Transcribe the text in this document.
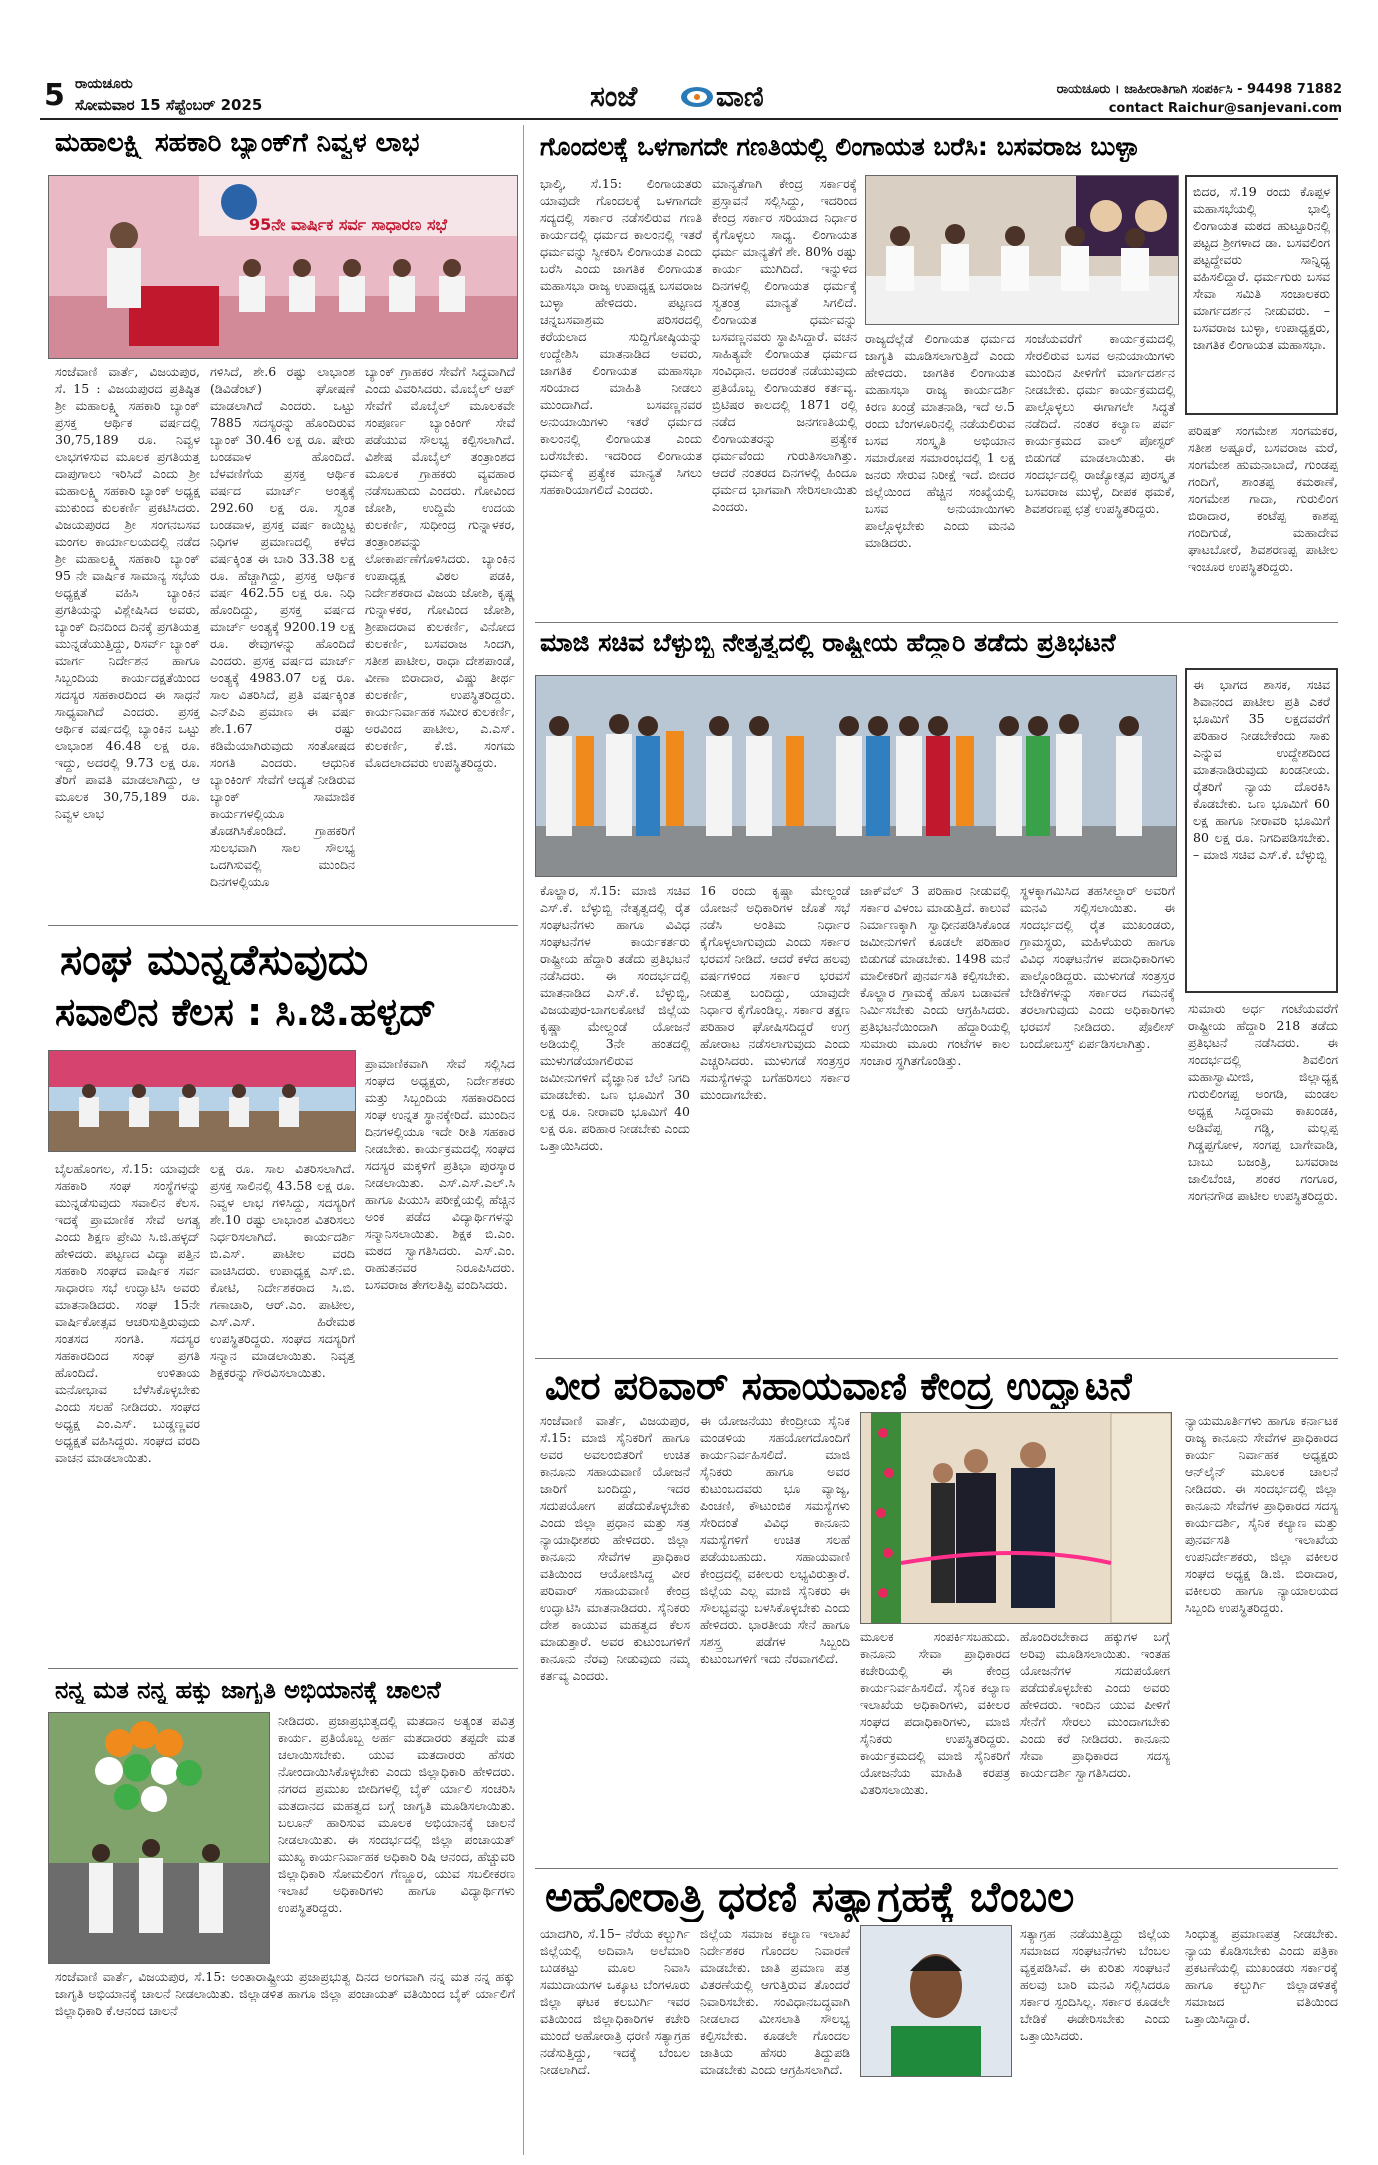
5 ರಾಯಚೂರು
ಸೋಮವಾರ 15 ಸೆಪ್ಟೆಂಬರ್ 2025	ಸಂಜೆ	ವಾಣಿ	ರಾಯಚೂರು । ಜಾಹೀರಾತಿಗಾಗಿ ಸಂಪರ್ಕಿಸಿ - 94498 71882
contact Raichur@sanjevani.com
ಮಹಾಲಕ್ಷ್ಮಿ ಸಹಕಾರಿ ಬ್ಯಾಂಕ್‌ಗೆ ನಿವ್ವಳ ಲಾಭ
95ನೇ ವಾರ್ಷಿಕ ಸರ್ವ ಸಾಧಾರಣ ಸಭೆ
ಸಂಜೆವಾಣಿ ವಾರ್ತೆ, ವಿಜಯಪುರ, ಸೆ. 15 : ವಿಜಯಪುರದ ಪ್ರತಿಷ್ಠಿತ ಶ್ರೀ ಮಹಾಲಕ್ಷ್ಮಿ ಸಹಕಾರಿ ಬ್ಯಾಂಕ್ ಪ್ರಸಕ್ತ ಆರ್ಥಿಕ ವರ್ಷದಲ್ಲಿ 30,75,189 ರೂ. ನಿವ್ವಳ ಲಾಭಗಳಿಸುವ ಮೂಲಕ ಪ್ರಗತಿಯತ್ತ ದಾಪುಗಾಲು ಇರಿಸಿದೆ ಎಂದು ಶ್ರೀ ಮಹಾಲಕ್ಷ್ಮಿ ಸಹಕಾರಿ ಬ್ಯಾಂಕ್ ಅಧ್ಯಕ್ಷ ಮುಕುಂದ ಕುಲಕರ್ಣಿ ಪ್ರಕಟಿಸಿದರು. ವಿಜಯಪುರದ ಶ್ರೀ ಸಂಗನಬಸವ ಮಂಗಲ ಕಾರ್ಯಾಲಯದಲ್ಲಿ ನಡೆದ ಶ್ರೀ ಮಹಾಲಕ್ಷ್ಮಿ ಸಹಕಾರಿ ಬ್ಯಾಂಕ್ 95 ನೇ ವಾರ್ಷಿಕ ಸಾಮಾನ್ಯ ಸಭೆಯ ಅಧ್ಯಕ್ಷತೆ ವಹಿಸಿ ಬ್ಯಾಂಕಿನ ಪ್ರಗತಿಯನ್ನು ವಿಶ್ಲೇಷಿಸಿದ ಅವರು, ಬ್ಯಾಂಕ್ ದಿನದಿಂದ ದಿನಕ್ಕೆ ಪ್ರಗತಿಯತ್ತ ಮುನ್ನಡೆಯುತ್ತಿದ್ದು, ರಿಸರ್ವ್ ಬ್ಯಾಂಕ್ ಮಾರ್ಗ ನಿರ್ದೇಶನ ಹಾಗೂ ಸಿಬ್ಬಂದಿಯ ಕಾರ್ಯದಕ್ಷತೆಯಿಂದ ಸದಸ್ಯರ ಸಹಕಾರದಿಂದ ಈ ಸಾಧನೆ ಸಾಧ್ಯವಾಗಿದೆ ಎಂದರು. ಪ್ರಸಕ್ತ ಆರ್ಥಿಕ ವರ್ಷದಲ್ಲಿ ಬ್ಯಾಂಕಿನ ಒಟ್ಟು ಲಾಭಾಂಶ 46.48 ಲಕ್ಷ ರೂ. ಇದ್ದು, ಅದರಲ್ಲಿ 9.73 ಲಕ್ಷ ರೂ. ತೆರಿಗೆ ಪಾವತಿ ಮಾಡಲಾಗಿದ್ದು, ಆ ಮೂಲಕ 30,75,189 ರೂ. ನಿವ್ವಳ ಲಾಭ
ಗಳಿಸಿದೆ, ಶೇ.6 ರಷ್ಟು ಲಾಭಾಂಶ (ಡಿವಿಡೆಂಟ್) ಘೋಷಣೆ ಮಾಡಲಾಗಿದೆ ಎಂದರು. ಒಟ್ಟು 7885 ಸದಸ್ಯರನ್ನು ಹೊಂದಿರುವ ಬ್ಯಾಂಕ್ 30.46 ಲಕ್ಷ ರೂ. ಷೇರು ಬಂಡವಾಳ ಹೊಂದಿದೆ. ಬೆಳವಣಿಗೆಯ ಪ್ರಸಕ್ತ ಆರ್ಥಿಕ ವರ್ಷದ ಮಾರ್ಚ್ ಅಂತ್ಯಕ್ಕೆ 292.60 ಲಕ್ಷ ರೂ. ಸ್ವಂತ ಬಂಡವಾಳ, ಪ್ರಸಕ್ತ ವರ್ಷ ಕಾಯ್ದಿಟ್ಟ ನಿಧಿಗಳ ಪ್ರಮಾಣದಲ್ಲಿ ಕಳೆದ ವರ್ಷಕ್ಕಿಂತ ಈ ಬಾರಿ 33.38 ಲಕ್ಷ ರೂ. ಹೆಚ್ಚಾಗಿದ್ದು, ಪ್ರಸಕ್ತ ಆರ್ಥಿಕ ವರ್ಷ 462.55 ಲಕ್ಷ ರೂ. ನಿಧಿ ಹೊಂದಿದ್ದು, ಪ್ರಸಕ್ತ ವರ್ಷದ ಮಾರ್ಚ್ ಅಂತ್ಯಕ್ಕೆ 9200.19 ಲಕ್ಷ ರೂ. ಠೇವುಗಳನ್ನು ಹೊಂದಿದೆ ಎಂದರು. ಪ್ರಸಕ್ತ ವರ್ಷದ ಮಾರ್ಚ್ ಅಂತ್ಯಕ್ಕೆ 4983.07 ಲಕ್ಷ ರೂ. ಸಾಲ ವಿತರಿಸಿದೆ, ಪ್ರತಿ ವರ್ಷಕ್ಕಿಂತ ಎನ್‌ಪಿಎ ಪ್ರಮಾಣ ಈ ವರ್ಷ ಶೇ.1.67 ರಷ್ಟು ಕಡಿಮೆಯಾಗಿರುವುದು ಸಂತೋಷದ ಸಂಗತಿ ಎಂದರು. ಆಧುನಿಕ ಬ್ಯಾಂಕಿಂಗ್ ಸೇವೆಗೆ ಆದ್ಯತೆ ನೀಡಿರುವ ಬ್ಯಾಂಕ್ ಸಾಮಾಜಿಕ ಕಾರ್ಯಗಳಲ್ಲಿಯೂ ತೊಡಗಿಸಿಕೊಂಡಿದೆ. ಗ್ರಾಹಕರಿಗೆ ಸುಲಭವಾಗಿ ಸಾಲ ಸೌಲಭ್ಯ ಒದಗಿಸುವಲ್ಲಿ ಮುಂದಿನ ದಿನಗಳಲ್ಲಿಯೂ
ಬ್ಯಾಂಕ್ ಗ್ರಾಹಕರ ಸೇವೆಗೆ ಸಿದ್ಧವಾಗಿದೆ ಎಂದು ವಿವರಿಸಿದರು. ಮೊಬೈಲ್ ಆಪ್ ಸೇವೆಗೆ ಮೊಬೈಲ್ ಮೂಲಕವೇ ಸಂಪೂರ್ಣ ಬ್ಯಾಂಕಿಂಗ್ ಸೇವೆ ಪಡೆಯುವ ಸೌಲಭ್ಯ ಕಲ್ಪಿಸಲಾಗಿದೆ. ವಿಶೇಷ ಮೊಬೈಲ್ ತಂತ್ರಾಂಶದ ಮೂಲಕ ಗ್ರಾಹಕರು ವ್ಯವಹಾರ ನಡೆಸಬಹುದು ಎಂದರು. ಗೋವಿಂದ ಜೋಶಿ, ಉದ್ದಿಮೆ ಉದಯ ಕುಲಕರ್ಣಿ, ಸುಧೀಂದ್ರ ಗುನ್ನಾಳಕರ, ತಂತ್ರಾಂಶವನ್ನು ಲೋಕಾರ್ಪಣೆಗೊಳಿಸಿದರು. ಬ್ಯಾಂಕಿನ ಉಪಾಧ್ಯಕ್ಷ ವಿಠಲ ಪಡಕಿ, ನಿರ್ದೇಶಕರಾದ ವಿಜಯ ಜೋಶಿ, ಕೃಷ್ಣ ಗುನ್ನಾಳಕರ, ಗೋವಿಂದ ಜೋಶಿ, ಶ್ರೀಪಾದರಾವ ಕುಲಕರ್ಣಿ, ವಿನೋದ ಕುಲಕರ್ಣಿ, ಬಸವರಾಜ ಸಿಂದಗಿ, ಸತೀಶ ಪಾಟೀಲ, ರಾಧಾ ದೇಶಪಾಂಡೆ, ವೀಣಾ ಬಿರಾದಾರ, ವಿಷ್ಣು ತೀರ್ಥ ಕುಲಕರ್ಣಿ, ಉಪಸ್ಥಿತರಿದ್ದರು. ಕಾರ್ಯನಿರ್ವಾಹಕ ಸಮೀರ ಕುಲಕರ್ಣಿ, ಅರವಿಂದ ಪಾಟೀಲ, ಎ.ಎಸ್. ಕುಲಕರ್ಣಿ, ಕೆ.ಜಿ. ಸಂಗಮ ಮೊದಲಾದವರು ಉಪಸ್ಥಿತರಿದ್ದರು.
ಸಂಘ ಮುನ್ನಡೆಸುವುದು
ಸವಾಲಿನ ಕೆಲಸ : ಸಿ.ಜಿ.ಹಳ್ಳದ್
ಬೈಲಹೊಂಗಲ, ಸೆ.15: ಯಾವುದೇ ಸಹಕಾರಿ ಸಂಘ ಸಂಸ್ಥೆಗಳನ್ನು ಮುನ್ನಡೆಸುವುದು ಸವಾಲಿನ ಕೆಲಸ. ಇದಕ್ಕೆ ಪ್ರಾಮಾಣಿಕ ಸೇವೆ ಅಗತ್ಯ ಎಂದು ಶಿಕ್ಷಣ ಪ್ರೇಮಿ ಸಿ.ಜಿ.ಹಳ್ಳದ್ ಹೇಳಿದರು. ಪಟ್ಟಣದ ವಿದ್ಯಾ ಪತ್ತಿನ ಸಹಕಾರಿ ಸಂಘದ ವಾರ್ಷಿಕ ಸರ್ವ ಸಾಧಾರಣ ಸಭೆ ಉದ್ಘಾಟಿಸಿ ಅವರು ಮಾತನಾಡಿದರು. ಸಂಘ 15ನೇ ವಾರ್ಷಿಕೋತ್ಸವ ಆಚರಿಸುತ್ತಿರುವುದು ಸಂತಸದ ಸಂಗತಿ. ಸದಸ್ಯರ ಸಹಕಾರದಿಂದ ಸಂಘ ಪ್ರಗತಿ ಹೊಂದಿದೆ. ಉಳಿತಾಯ ಮನೋಭಾವ ಬೆಳೆಸಿಕೊಳ್ಳಬೇಕು ಎಂದು ಸಲಹೆ ನೀಡಿದರು. ಸಂಘದ ಅಧ್ಯಕ್ಷ ಎಂ.ಎಸ್. ಬುಡ್ಡಣ್ಣವರ ಅಧ್ಯಕ್ಷತೆ ವಹಿಸಿದ್ದರು. ಸಂಘದ ವರದಿ ವಾಚನ ಮಾಡಲಾಯಿತು.
ಲಕ್ಷ ರೂ. ಸಾಲ ವಿತರಿಸಲಾಗಿದೆ. ಪ್ರಸಕ್ತ ಸಾಲಿನಲ್ಲಿ 43.58 ಲಕ್ಷ ರೂ. ನಿವ್ವಳ ಲಾಭ ಗಳಿಸಿದ್ದು, ಸದಸ್ಯರಿಗೆ ಶೇ.10 ರಷ್ಟು ಲಾಭಾಂಶ ವಿತರಿಸಲು ನಿರ್ಧರಿಸಲಾಗಿದೆ. ಕಾರ್ಯದರ್ಶಿ ಬಿ.ಎಸ್. ಪಾಟೀಲ ವರದಿ ವಾಚಿಸಿದರು. ಉಪಾಧ್ಯಕ್ಷ ಎಸ್.ಬಿ. ಕೋಟಿ, ನಿರ್ದೇಶಕರಾದ ಸಿ.ಬಿ. ಗಣಾಚಾರಿ, ಆರ್.ಎಂ. ಪಾಟೀಲ, ಎಸ್.ಎಸ್. ಹಿರೇಮಠ ಉಪಸ್ಥಿತರಿದ್ದರು. ಸಂಘದ ಸದಸ್ಯರಿಗೆ ಸನ್ಮಾನ ಮಾಡಲಾಯಿತು. ನಿವೃತ್ತ ಶಿಕ್ಷಕರನ್ನು ಗೌರವಿಸಲಾಯಿತು.
ಪ್ರಾಮಾಣಿಕವಾಗಿ ಸೇವೆ ಸಲ್ಲಿಸಿದ ಸಂಘದ ಅಧ್ಯಕ್ಷರು, ನಿರ್ದೇಶಕರು ಮತ್ತು ಸಿಬ್ಬಂದಿಯ ಸಹಕಾರದಿಂದ ಸಂಘ ಉನ್ನತ ಸ್ಥಾನಕ್ಕೇರಿದೆ. ಮುಂದಿನ ದಿನಗಳಲ್ಲಿಯೂ ಇದೇ ರೀತಿ ಸಹಕಾರ ನೀಡಬೇಕು. ಕಾರ್ಯಕ್ರಮದಲ್ಲಿ ಸಂಘದ ಸದಸ್ಯರ ಮಕ್ಕಳಿಗೆ ಪ್ರತಿಭಾ ಪುರಸ್ಕಾರ ನೀಡಲಾಯಿತು. ಎಸ್.ಎಸ್.ಎಲ್.ಸಿ ಹಾಗೂ ಪಿಯುಸಿ ಪರೀಕ್ಷೆಯಲ್ಲಿ ಹೆಚ್ಚಿನ ಅಂಕ ಪಡೆದ ವಿದ್ಯಾರ್ಥಿಗಳನ್ನು ಸನ್ಮಾನಿಸಲಾಯಿತು. ಶಿಕ್ಷಕ ಬಿ.ಎಂ. ಮಠದ ಸ್ವಾಗತಿಸಿದರು. ಎಸ್.ಎಂ. ರಾಹುತನವರ ನಿರೂಪಿಸಿದರು. ಬಸವರಾಜ ತೇಗಲತಿಪ್ಪಿ ವಂದಿಸಿದರು.
ನನ್ನ ಮತ ನನ್ನ ಹಕ್ಕು ಜಾಗೃತಿ ಅಭಿಯಾನಕ್ಕೆ ಚಾಲನೆ
ಸಂಜೆವಾಣಿ ವಾರ್ತೆ, ವಿಜಯಪುರ, ಸೆ.15: ಅಂತಾರಾಷ್ಟ್ರೀಯ ಪ್ರಜಾಪ್ರಭುತ್ವ ದಿನದ ಅಂಗವಾಗಿ ನನ್ನ ಮತ ನನ್ನ ಹಕ್ಕು ಜಾಗೃತಿ ಅಭಿಯಾನಕ್ಕೆ ಚಾಲನೆ ನೀಡಲಾಯಿತು. ಜಿಲ್ಲಾಡಳಿತ ಹಾಗೂ ಜಿಲ್ಲಾ ಪಂಚಾಯತ್ ವತಿಯಿಂದ ಬೈಕ್ ರ್ಯಾಲಿಗೆ ಜಿಲ್ಲಾಧಿಕಾರಿ ಕೆ.ಆನಂದ ಚಾಲನೆ
ನೀಡಿದರು. ಪ್ರಜಾಪ್ರಭುತ್ವದಲ್ಲಿ ಮತದಾನ ಅತ್ಯಂತ ಪವಿತ್ರ ಕಾರ್ಯ. ಪ್ರತಿಯೊಬ್ಬ ಅರ್ಹ ಮತದಾರರು ತಪ್ಪದೇ ಮತ ಚಲಾಯಿಸಬೇಕು. ಯುವ ಮತದಾರರು ಹೆಸರು ನೋಂದಾಯಿಸಿಕೊಳ್ಳಬೇಕು ಎಂದು ಜಿಲ್ಲಾಧಿಕಾರಿ ಹೇಳಿದರು. ನಗರದ ಪ್ರಮುಖ ಬೀದಿಗಳಲ್ಲಿ ಬೈಕ್ ರ್ಯಾಲಿ ಸಂಚರಿಸಿ ಮತದಾನದ ಮಹತ್ವದ ಬಗ್ಗೆ ಜಾಗೃತಿ ಮೂಡಿಸಲಾಯಿತು. ಬಲೂನ್ ಹಾರಿಸುವ ಮೂಲಕ ಅಭಿಯಾನಕ್ಕೆ ಚಾಲನೆ ನೀಡಲಾಯಿತು. ಈ ಸಂದರ್ಭದಲ್ಲಿ ಜಿಲ್ಲಾ ಪಂಚಾಯತ್ ಮುಖ್ಯ ಕಾರ್ಯನಿರ್ವಾಹಕ ಅಧಿಕಾರಿ ರಿಷಿ ಆನಂದ, ಹೆಚ್ಚುವರಿ ಜಿಲ್ಲಾಧಿಕಾರಿ ಸೋಮಲಿಂಗ ಗೆಣ್ಣೂರ, ಯುವ ಸಬಲೀಕರಣ ಇಲಾಖೆ ಅಧಿಕಾರಿಗಳು ಹಾಗೂ ವಿದ್ಯಾರ್ಥಿಗಳು ಉಪಸ್ಥಿತರಿದ್ದರು.
ಗೊಂದಲಕ್ಕೆ ಒಳಗಾಗದೇ ಗಣತಿಯಲ್ಲಿ ಲಿಂಗಾಯತ ಬರೆಸಿ: ಬಸವರಾಜ ಬುಳ್ಳಾ
ಭಾಲ್ಕಿ, ಸೆ.15: ಲಿಂಗಾಯತರು ಯಾವುದೇ ಗೊಂದಲಕ್ಕೆ ಒಳಗಾಗದೇ ಸದ್ಯದಲ್ಲಿ ಸರ್ಕಾರ ನಡೆಸಲಿರುವ ಗಣತಿ ಕಾರ್ಯದಲ್ಲಿ ಧರ್ಮದ ಕಾಲಂನಲ್ಲಿ ಇತರೆ ಧರ್ಮವನ್ನು ಸ್ವೀಕರಿಸಿ ಲಿಂಗಾಯತ ಎಂದು ಬರೆಸಿ ಎಂದು ಜಾಗತಿಕ ಲಿಂಗಾಯತ ಮಹಾಸಭಾ ರಾಜ್ಯ ಉಪಾಧ್ಯಕ್ಷ ಬಸವರಾಜ ಬುಳ್ಳಾ ಹೇಳಿದರು. ಪಟ್ಟಣದ ಚನ್ನಬಸವಾಶ್ರಮ ಪರಿಸರದಲ್ಲಿ ಕರೆಯಲಾದ ಸುದ್ದಿಗೋಷ್ಠಿಯನ್ನು ಉದ್ದೇಶಿಸಿ ಮಾತನಾಡಿದ ಅವರು, ಜಾಗತಿಕ ಲಿಂಗಾಯತ ಮಹಾಸಭಾ ಸರಿಯಾದ ಮಾಹಿತಿ ನೀಡಲು ಮುಂದಾಗಿದೆ. ಬಸವಣ್ಣನವರ ಅನುಯಾಯಿಗಳು ಇತರೆ ಧರ್ಮದ ಕಾಲಂನಲ್ಲಿ ಲಿಂಗಾಯತ ಎಂದು ಬರೆಸಬೇಕು. ಇದರಿಂದ ಲಿಂಗಾಯತ ಧರ್ಮಕ್ಕೆ ಪ್ರತ್ಯೇಕ ಮಾನ್ಯತೆ ಸಿಗಲು ಸಹಕಾರಿಯಾಗಲಿದೆ ಎಂದರು.
ಮಾನ್ಯತೆಗಾಗಿ ಕೇಂದ್ರ ಸರ್ಕಾರಕ್ಕೆ ಪ್ರಸ್ತಾವನೆ ಸಲ್ಲಿಸಿದ್ದು, ಇದರಿಂದ ಕೇಂದ್ರ ಸರ್ಕಾರ ಸರಿಯಾದ ನಿರ್ಧಾರ ಕೈಗೊಳ್ಳಲು ಸಾಧ್ಯ. ಲಿಂಗಾಯತ ಧರ್ಮ ಮಾನ್ಯತೆಗೆ ಶೇ. 80% ರಷ್ಟು ಕಾರ್ಯ ಮುಗಿದಿದೆ. ಇನ್ನುಳಿದ ದಿನಗಳಲ್ಲಿ ಲಿಂಗಾಯತ ಧರ್ಮಕ್ಕೆ ಸ್ವತಂತ್ರ ಮಾನ್ಯತೆ ಸಿಗಲಿದೆ. ಲಿಂಗಾಯತ ಧರ್ಮವನ್ನು ಬಸವಣ್ಣನವರು ಸ್ಥಾಪಿಸಿದ್ದಾರೆ. ವಚನ ಸಾಹಿತ್ಯವೇ ಲಿಂಗಾಯತ ಧರ್ಮದ ಸಂವಿಧಾನ. ಅದರಂತೆ ನಡೆಯುವುದು ಪ್ರತಿಯೊಬ್ಬ ಲಿಂಗಾಯತರ ಕರ್ತವ್ಯ. ಬ್ರಿಟಿಷರ ಕಾಲದಲ್ಲಿ 1871 ರಲ್ಲಿ ನಡೆದ ಜನಗಣತಿಯಲ್ಲಿ ಲಿಂಗಾಯತರನ್ನು ಪ್ರತ್ಯೇಕ ಧರ್ಮವೆಂದು ಗುರುತಿಸಲಾಗಿತ್ತು. ಆದರೆ ನಂತರದ ದಿನಗಳಲ್ಲಿ ಹಿಂದೂ ಧರ್ಮದ ಭಾಗವಾಗಿ ಸೇರಿಸಲಾಯಿತು ಎಂದರು.
ರಾಜ್ಯದೆಲ್ಲೆಡೆ ಲಿಂಗಾಯತ ಧರ್ಮದ ಜಾಗೃತಿ ಮೂಡಿಸಲಾಗುತ್ತಿದೆ ಎಂದು ಹೇಳಿದರು. ಜಾಗತಿಕ ಲಿಂಗಾಯತ ಮಹಾಸಭಾ ರಾಜ್ಯ ಕಾರ್ಯದರ್ಶಿ ಕಿರಣ ಖಂಡ್ರೆ ಮಾತನಾಡಿ, ಇದೆ ಅ.5 ರಂದು ಬೆಂಗಳೂರಿನಲ್ಲಿ ನಡೆಯಲಿರುವ ಬಸವ ಸಂಸ್ಕೃತಿ ಅಭಿಯಾನ ಸಮಾರೋಪ ಸಮಾರಂಭದಲ್ಲಿ 1 ಲಕ್ಷ ಜನರು ಸೇರುವ ನಿರೀಕ್ಷೆ ಇದೆ. ಬೀದರ ಜಿಲ್ಲೆಯಿಂದ ಹೆಚ್ಚಿನ ಸಂಖ್ಯೆಯಲ್ಲಿ ಬಸವ ಅನುಯಾಯಿಗಳು ಪಾಲ್ಗೊಳ್ಳಬೇಕು ಎಂದು ಮನವಿ ಮಾಡಿದರು.
ಸಂಜೆಯವರೆಗೆ ಕಾರ್ಯಕ್ರಮದಲ್ಲಿ ಸೇರಲಿರುವ ಬಸವ ಅನುಯಾಯಿಗಳು ಮುಂದಿನ ಪೀಳಿಗೆಗೆ ಮಾರ್ಗದರ್ಶನ ನೀಡಬೇಕು. ಧರ್ಮ ಕಾರ್ಯಕ್ರಮದಲ್ಲಿ ಪಾಲ್ಗೊಳ್ಳಲು ಈಗಾಗಲೇ ಸಿದ್ಧತೆ ನಡೆದಿದೆ. ನಂತರ ಕಲ್ಯಾಣ ಪರ್ವ ಕಾರ್ಯಕ್ರಮದ ವಾಲ್ ಪೋಸ್ಟರ್ ಬಿಡುಗಡೆ ಮಾಡಲಾಯಿತು. ಈ ಸಂದರ್ಭದಲ್ಲಿ ರಾಜ್ಯೋತ್ಸವ ಪುರಸ್ಕೃತ ಬಸವರಾಜ ಮುಳ್ಳೆ, ದೀಪಕ ಥಮಕೆ, ಶಿವಶರಣಪ್ಪ ಛತ್ರೆ ಉಪಸ್ಥಿತರಿದ್ದರು.
ಬಿದರ, ಸೆ.19 ರಂದು ಕೊಪ್ಪಳ ಮಹಾಸಭೆಯಲ್ಲಿ ಭಾಲ್ಕಿ ಲಿಂಗಾಯತ ಮಠದ ಹುಟ್ಟೂರಿನಲ್ಲಿ ಪಟ್ಟದ ಶ್ರೀಗಳಾದ ಡಾ. ಬಸವಲಿಂಗ ಪಟ್ಟದ್ದೇವರು ಸಾನ್ನಿಧ್ಯ ವಹಿಸಲಿದ್ದಾರೆ. ಧರ್ಮಗುರು ಬಸವ ಸೇವಾ ಸಮಿತಿ ಸಂಚಾಲಕರು ಮಾರ್ಗದರ್ಶನ ನೀಡುವರು. – ಬಸವರಾಜ ಬುಳ್ಳಾ, ಉಪಾಧ್ಯಕ್ಷರು, ಜಾಗತಿಕ ಲಿಂಗಾಯತ ಮಹಾಸಭಾ.
ಪರಿಷತ್ ಸಂಗಮೇಶ ಸಂಗಮಕರ, ಸತೀಶ ಅಷ್ಟೂರೆ, ಬಸವರಾಜ ಮರೆ, ಸಂಗಮೇಶ ಹುಮನಾಬಾದೆ, ಗುಂಡಪ್ಪ ಗಂದಿಗೆ, ಶಾಂತಪ್ಪ ಕಮಠಾಣೆ, ಸಂಗಮೇಶ ಗಾದಾ, ಗುರುಲಿಂಗ ಬಿರಾದಾರ, ಕಂಟೆಪ್ಪ ಕಾಶಪ್ಪ ಗಂದಿಗುಡೆ, ಮಹಾದೇವ ಘಾಟಬೋರೆ, ಶಿವಶರಣಪ್ಪ ಪಾಟೀಲ ಇಂಚೂರ ಉಪಸ್ಥಿತರಿದ್ದರು.
ಮಾಜಿ ಸಚಿವ ಬೆಳ್ಳುಬ್ಬಿ ನೇತೃತ್ವದಲ್ಲಿ ರಾಷ್ಟ್ರೀಯ ಹೆದ್ದಾರಿ ತಡೆದು ಪ್ರತಿಭಟನೆ
ಕೊಲ್ಹಾರ, ಸೆ.15: ಮಾಜಿ ಸಚಿವ ಎಸ್.ಕೆ. ಬೆಳ್ಳುಬ್ಬಿ ನೇತೃತ್ವದಲ್ಲಿ ರೈತ ಸಂಘಟನೆಗಳು ಹಾಗೂ ವಿವಿಧ ಸಂಘಟನೆಗಳ ಕಾರ್ಯಕರ್ತರು ರಾಷ್ಟ್ರೀಯ ಹೆದ್ದಾರಿ ತಡೆದು ಪ್ರತಿಭಟನೆ ನಡೆಸಿದರು. ಈ ಸಂದರ್ಭದಲ್ಲಿ ಮಾತನಾಡಿದ ಎಸ್.ಕೆ. ಬೆಳ್ಳುಬ್ಬಿ, ವಿಜಯಪುರ-ಬಾಗಲಕೋಟೆ ಜಿಲ್ಲೆಯ ಕೃಷ್ಣಾ ಮೇಲ್ದಂಡೆ ಯೋಜನೆ ಅಡಿಯಲ್ಲಿ 3ನೇ ಹಂತದಲ್ಲಿ ಮುಳುಗಡೆಯಾಗಲಿರುವ ಜಮೀನುಗಳಿಗೆ ವೈಜ್ಞಾನಿಕ ಬೆಲೆ ನಿಗದಿ ಮಾಡಬೇಕು. ಒಣ ಭೂಮಿಗೆ 30 ಲಕ್ಷ ರೂ. ನೀರಾವರಿ ಭೂಮಿಗೆ 40 ಲಕ್ಷ ರೂ. ಪರಿಹಾರ ನೀಡಬೇಕು ಎಂದು ಒತ್ತಾಯಿಸಿದರು.
16 ರಂದು ಕೃಷ್ಣಾ ಮೇಲ್ದಂಡೆ ಯೋಜನೆ ಅಧಿಕಾರಿಗಳ ಜೊತೆ ಸಭೆ ನಡೆಸಿ ಅಂತಿಮ ನಿರ್ಧಾರ ಕೈಗೊಳ್ಳಲಾಗುವುದು ಎಂದು ಸರ್ಕಾರ ಭರವಸೆ ನೀಡಿದೆ. ಆದರೆ ಕಳೆದ ಹಲವು ವರ್ಷಗಳಿಂದ ಸರ್ಕಾರ ಭರವಸೆ ನೀಡುತ್ತ ಬಂದಿದ್ದು, ಯಾವುದೇ ನಿರ್ಧಾರ ಕೈಗೊಂಡಿಲ್ಲ. ಸರ್ಕಾರ ತಕ್ಷಣ ಪರಿಹಾರ ಘೋಷಿಸದಿದ್ದರೆ ಉಗ್ರ ಹೋರಾಟ ನಡೆಸಲಾಗುವುದು ಎಂದು ಎಚ್ಚರಿಸಿದರು. ಮುಳುಗಡೆ ಸಂತ್ರಸ್ತರ ಸಮಸ್ಯೆಗಳನ್ನು ಬಗೆಹರಿಸಲು ಸರ್ಕಾರ ಮುಂದಾಗಬೇಕು.
ಜಾಕ್‌ವೆಲ್ 3 ಪರಿಹಾರ ನೀಡುವಲ್ಲಿ ಸರ್ಕಾರ ವಿಳಂಬ ಮಾಡುತ್ತಿದೆ. ಕಾಲುವೆ ನಿರ್ಮಾಣಕ್ಕಾಗಿ ಸ್ವಾಧೀನಪಡಿಸಿಕೊಂಡ ಜಮೀನುಗಳಿಗೆ ಕೂಡಲೇ ಪರಿಹಾರ ಬಿಡುಗಡೆ ಮಾಡಬೇಕು. 1498 ಮನೆ ಮಾಲೀಕರಿಗೆ ಪುನರ್ವಸತಿ ಕಲ್ಪಿಸಬೇಕು. ಕೊಲ್ಹಾರ ಗ್ರಾಮಕ್ಕೆ ಹೊಸ ಬಡಾವಣೆ ನಿರ್ಮಿಸಬೇಕು ಎಂದು ಆಗ್ರಹಿಸಿದರು. ಪ್ರತಿಭಟನೆಯಿಂದಾಗಿ ಹೆದ್ದಾರಿಯಲ್ಲಿ ಸುಮಾರು ಮೂರು ಗಂಟೆಗಳ ಕಾಲ ಸಂಚಾರ ಸ್ಥಗಿತಗೊಂಡಿತ್ತು.
ಸ್ಥಳಕ್ಕಾಗಮಿಸಿದ ತಹಸೀಲ್ದಾರ್ ಅವರಿಗೆ ಮನವಿ ಸಲ್ಲಿಸಲಾಯಿತು. ಈ ಸಂದರ್ಭದಲ್ಲಿ ರೈತ ಮುಖಂಡರು, ಗ್ರಾಮಸ್ಥರು, ಮಹಿಳೆಯರು ಹಾಗೂ ವಿವಿಧ ಸಂಘಟನೆಗಳ ಪದಾಧಿಕಾರಿಗಳು ಪಾಲ್ಗೊಂಡಿದ್ದರು. ಮುಳುಗಡೆ ಸಂತ್ರಸ್ತರ ಬೇಡಿಕೆಗಳನ್ನು ಸರ್ಕಾರದ ಗಮನಕ್ಕೆ ತರಲಾಗುವುದು ಎಂದು ಅಧಿಕಾರಿಗಳು ಭರವಸೆ ನೀಡಿದರು. ಪೊಲೀಸ್ ಬಂದೋಬಸ್ತ್ ಏರ್ಪಡಿಸಲಾಗಿತ್ತು.
ಈ ಭಾಗದ ಶಾಸಕ, ಸಚಿವ ಶಿವಾನಂದ ಪಾಟೀಲ ಪ್ರತಿ ಎಕರೆ ಭೂಮಿಗೆ 35 ಲಕ್ಷದವರೆಗೆ ಪರಿಹಾರ ನೀಡಬೇಕೆಂದು ಸಾಕು ಎನ್ನುವ ಉದ್ದೇಶದಿಂದ ಮಾತನಾಡಿರುವುದು ಖಂಡನೀಯ. ರೈತರಿಗೆ ನ್ಯಾಯ ದೊರಕಿಸಿ ಕೊಡಬೇಕು. ಒಣ ಭೂಮಿಗೆ 60 ಲಕ್ಷ ಹಾಗೂ ನೀರಾವರಿ ಭೂಮಿಗೆ 80 ಲಕ್ಷ ರೂ. ನಿಗದಿಪಡಿಸಬೇಕು. – ಮಾಜಿ ಸಚಿವ ಎಸ್.ಕೆ. ಬೆಳ್ಳುಬ್ಬಿ
ಸುಮಾರು ಅರ್ಧ ಗಂಟೆಯವರೆಗೆ ರಾಷ್ಟ್ರೀಯ ಹೆದ್ದಾರಿ 218 ತಡೆದು ಪ್ರತಿಭಟನೆ ನಡೆಸಿದರು. ಈ ಸಂದರ್ಭದಲ್ಲಿ ಶಿವಲಿಂಗ ಮಹಾಸ್ವಾಮೀಜಿ, ಜಿಲ್ಲಾಧ್ಯಕ್ಷ ಗುರುಲಿಂಗಪ್ಪ ಅಂಗಡಿ, ಮಂಡಲ ಅಧ್ಯಕ್ಷ ಸಿದ್ದರಾಮ ಕಾಖಂಡಕಿ, ಅಡಿವೆಪ್ಪ ಗಡ್ಡಿ, ಮಲ್ಲಪ್ಪ ಗಿಡ್ಡಪ್ಪಗೋಳ, ಸಂಗಪ್ಪ ಬಾಗೇವಾಡಿ, ಬಾಬು ಬಜಂತ್ರಿ, ಬಸವರಾಜ ಜಾಲಿಬೆಂಚಿ, ಶಂಕರ ಗಂಗೂರ, ಸಂಗನಗೌಡ ಪಾಟೀಲ ಉಪಸ್ಥಿತರಿದ್ದರು.
ವೀರ ಪರಿವಾರ್ ಸಹಾಯವಾಣಿ ಕೇಂದ್ರ ಉದ್ಘಾಟನೆ
ಸಂಜೆವಾಣಿ ವಾರ್ತೆ, ವಿಜಯಪುರ, ಸೆ.15: ಮಾಜಿ ಸೈನಿಕರಿಗೆ ಹಾಗೂ ಅವರ ಅವಲಂಬಿತರಿಗೆ ಉಚಿತ ಕಾನೂನು ಸಹಾಯವಾಣಿ ಯೋಜನೆ ಜಾರಿಗೆ ಬಂದಿದ್ದು, ಇದರ ಸದುಪಯೋಗ ಪಡೆದುಕೊಳ್ಳಬೇಕು ಎಂದು ಜಿಲ್ಲಾ ಪ್ರಧಾನ ಮತ್ತು ಸತ್ರ ನ್ಯಾಯಾಧೀಶರು ಹೇಳಿದರು. ಜಿಲ್ಲಾ ಕಾನೂನು ಸೇವೆಗಳ ಪ್ರಾಧಿಕಾರ ವತಿಯಿಂದ ಆಯೋಜಿಸಿದ್ದ ವೀರ ಪರಿವಾರ್ ಸಹಾಯವಾಣಿ ಕೇಂದ್ರ ಉದ್ಘಾಟಿಸಿ ಮಾತನಾಡಿದರು. ಸೈನಿಕರು ದೇಶ ಕಾಯುವ ಮಹತ್ವದ ಕೆಲಸ ಮಾಡುತ್ತಾರೆ. ಅವರ ಕುಟುಂಬಗಳಿಗೆ ಕಾನೂನು ನೆರವು ನೀಡುವುದು ನಮ್ಮ ಕರ್ತವ್ಯ ಎಂದರು.
ಈ ಯೋಜನೆಯು ಕೇಂದ್ರೀಯ ಸೈನಿಕ ಮಂಡಳಿಯ ಸಹಯೋಗದೊಂದಿಗೆ ಕಾರ್ಯನಿರ್ವಹಿಸಲಿದೆ. ಮಾಜಿ ಸೈನಿಕರು ಹಾಗೂ ಅವರ ಕುಟುಂಬದವರು ಭೂ ವ್ಯಾಜ್ಯ, ಪಿಂಚಣಿ, ಕೌಟುಂಬಿಕ ಸಮಸ್ಯೆಗಳು ಸೇರಿದಂತೆ ವಿವಿಧ ಕಾನೂನು ಸಮಸ್ಯೆಗಳಿಗೆ ಉಚಿತ ಸಲಹೆ ಪಡೆಯಬಹುದು. ಸಹಾಯವಾಣಿ ಕೇಂದ್ರದಲ್ಲಿ ವಕೀಲರು ಲಭ್ಯವಿರುತ್ತಾರೆ. ಜಿಲ್ಲೆಯ ಎಲ್ಲ ಮಾಜಿ ಸೈನಿಕರು ಈ ಸೌಲಭ್ಯವನ್ನು ಬಳಸಿಕೊಳ್ಳಬೇಕು ಎಂದು ಹೇಳಿದರು. ಭಾರತೀಯ ಸೇನೆ ಹಾಗೂ ಸಶಸ್ತ್ರ ಪಡೆಗಳ ಸಿಬ್ಬಂದಿ ಕುಟುಂಬಗಳಿಗೆ ಇದು ನೆರವಾಗಲಿದೆ.
ಮೂಲಕ ಸಂಪರ್ಕಿಸಬಹುದು. ಕಾನೂನು ಸೇವಾ ಪ್ರಾಧಿಕಾರದ ಕಚೇರಿಯಲ್ಲಿ ಈ ಕೇಂದ್ರ ಕಾರ್ಯನಿರ್ವಹಿಸಲಿದೆ. ಸೈನಿಕ ಕಲ್ಯಾಣ ಇಲಾಖೆಯ ಅಧಿಕಾರಿಗಳು, ವಕೀಲರ ಸಂಘದ ಪದಾಧಿಕಾರಿಗಳು, ಮಾಜಿ ಸೈನಿಕರು ಉಪಸ್ಥಿತರಿದ್ದರು. ಕಾರ್ಯಕ್ರಮದಲ್ಲಿ ಮಾಜಿ ಸೈನಿಕರಿಗೆ ಯೋಜನೆಯ ಮಾಹಿತಿ ಕರಪತ್ರ ವಿತರಿಸಲಾಯಿತು.
ಹೊಂದಿರಬೇಕಾದ ಹಕ್ಕುಗಳ ಬಗ್ಗೆ ಅರಿವು ಮೂಡಿಸಲಾಯಿತು. ಇಂತಹ ಯೋಜನೆಗಳ ಸದುಪಯೋಗ ಪಡೆದುಕೊಳ್ಳಬೇಕು ಎಂದು ಅವರು ಹೇಳಿದರು. ಇಂದಿನ ಯುವ ಪೀಳಿಗೆ ಸೇನೆಗೆ ಸೇರಲು ಮುಂದಾಗಬೇಕು ಎಂದು ಕರೆ ನೀಡಿದರು. ಕಾನೂನು ಸೇವಾ ಪ್ರಾಧಿಕಾರದ ಸದಸ್ಯ ಕಾರ್ಯದರ್ಶಿ ಸ್ವಾಗತಿಸಿದರು.
ನ್ಯಾಯಮೂರ್ತಿಗಳು ಹಾಗೂ ಕರ್ನಾಟಕ ರಾಜ್ಯ ಕಾನೂನು ಸೇವೆಗಳ ಪ್ರಾಧಿಕಾರದ ಕಾರ್ಯ ನಿರ್ವಾಹಕ ಅಧ್ಯಕ್ಷರು ಆನ್‌ಲೈನ್ ಮೂಲಕ ಚಾಲನೆ ನೀಡಿದರು. ಈ ಸಂದರ್ಭದಲ್ಲಿ ಜಿಲ್ಲಾ ಕಾನೂನು ಸೇವೆಗಳ ಪ್ರಾಧಿಕಾರದ ಸದಸ್ಯ ಕಾರ್ಯದರ್ಶಿ, ಸೈನಿಕ ಕಲ್ಯಾಣ ಮತ್ತು ಪುನರ್ವಸತಿ ಇಲಾಖೆಯ ಉಪನಿರ್ದೇಶಕರು, ಜಿಲ್ಲಾ ವಕೀಲರ ಸಂಘದ ಅಧ್ಯಕ್ಷ ಡಿ.ಜಿ. ಬಿರಾದಾರ, ವಕೀಲರು ಹಾಗೂ ನ್ಯಾಯಾಲಯದ ಸಿಬ್ಬಂದಿ ಉಪಸ್ಥಿತರಿದ್ದರು.
ಅಹೋರಾತ್ರಿ ಧರಣಿ ಸತ್ಯಾಗ್ರಹಕ್ಕೆ ಬೆಂಬಲ
ಯಾದಗಿರಿ, ಸೆ.15– ನೆರೆಯ ಕಲ್ಬುರ್ಗಿ ಜಿಲ್ಲೆಯಲ್ಲಿ ಅದಿವಾಸಿ ಅಲೆಮಾರಿ ಬುಡಕಟ್ಟು ಮೂಲ ನಿವಾಸಿ ಸಮುದಾಯಗಳ ಒಕ್ಕೂಟ ಬೆಂಗಳೂರು ಜಿಲ್ಲಾ ಘಟಕ ಕಲಬುರ್ಗಿ ಇವರ ವತಿಯಿಂದ ಜಿಲ್ಲಾಧಿಕಾರಿಗಳ ಕಚೇರಿ ಮುಂದೆ ಅಹೋರಾತ್ರಿ ಧರಣಿ ಸತ್ಯಾಗ್ರಹ ನಡೆಸುತ್ತಿದ್ದು, ಇದಕ್ಕೆ ಬೆಂಬಲ ನೀಡಲಾಗಿದೆ.
ಜಿಲ್ಲೆಯ ಸಮಾಜ ಕಲ್ಯಾಣ ಇಲಾಖೆ ನಿರ್ದೇಶಕರ ಗೊಂದಲ ನಿವಾರಣೆ ಮಾಡಬೇಕು. ಜಾತಿ ಪ್ರಮಾಣ ಪತ್ರ ವಿತರಣೆಯಲ್ಲಿ ಆಗುತ್ತಿರುವ ತೊಂದರೆ ನಿವಾರಿಸಬೇಕು. ಸಂವಿಧಾನಬದ್ಧವಾಗಿ ನೀಡಲಾದ ಮೀಸಲಾತಿ ಸೌಲಭ್ಯ ಕಲ್ಪಿಸಬೇಕು. ಕೂಡಲೇ ಗೊಂದಲ ಜಾತಿಯ ಹೆಸರು ತಿದ್ದುಪಡಿ ಮಾಡಬೇಕು ಎಂದು ಆಗ್ರಹಿಸಲಾಗಿದೆ.
ಸತ್ಯಾಗ್ರಹ ನಡೆಯುತ್ತಿದ್ದು ಜಿಲ್ಲೆಯ ಸಮಾಜದ ಸಂಘಟನೆಗಳು ಬೆಂಬಲ ವ್ಯಕ್ತಪಡಿಸಿವೆ. ಈ ಕುರಿತು ಸಂಘಟನೆ ಹಲವು ಬಾರಿ ಮನವಿ ಸಲ್ಲಿಸಿದರೂ ಸರ್ಕಾರ ಸ್ಪಂದಿಸಿಲ್ಲ. ಸರ್ಕಾರ ಕೂಡಲೇ ಬೇಡಿಕೆ ಈಡೇರಿಸಬೇಕು ಎಂದು ಒತ್ತಾಯಿಸಿದರು.
ಸಿಂಧುತ್ವ ಪ್ರಮಾಣಪತ್ರ ನೀಡಬೇಕು. ನ್ಯಾಯ ಕೊಡಿಸಬೇಕು ಎಂದು ಪತ್ರಿಕಾ ಪ್ರಕಟಣೆಯಲ್ಲಿ ಮುಖಂಡರು ಸರ್ಕಾರಕ್ಕೆ ಹಾಗೂ ಕಲ್ಬುರ್ಗಿ ಜಿಲ್ಲಾಡಳಿತಕ್ಕೆ ಸಮಾಜದ ವತಿಯಿಂದ ಒತ್ತಾಯಿಸಿದ್ದಾರೆ.
